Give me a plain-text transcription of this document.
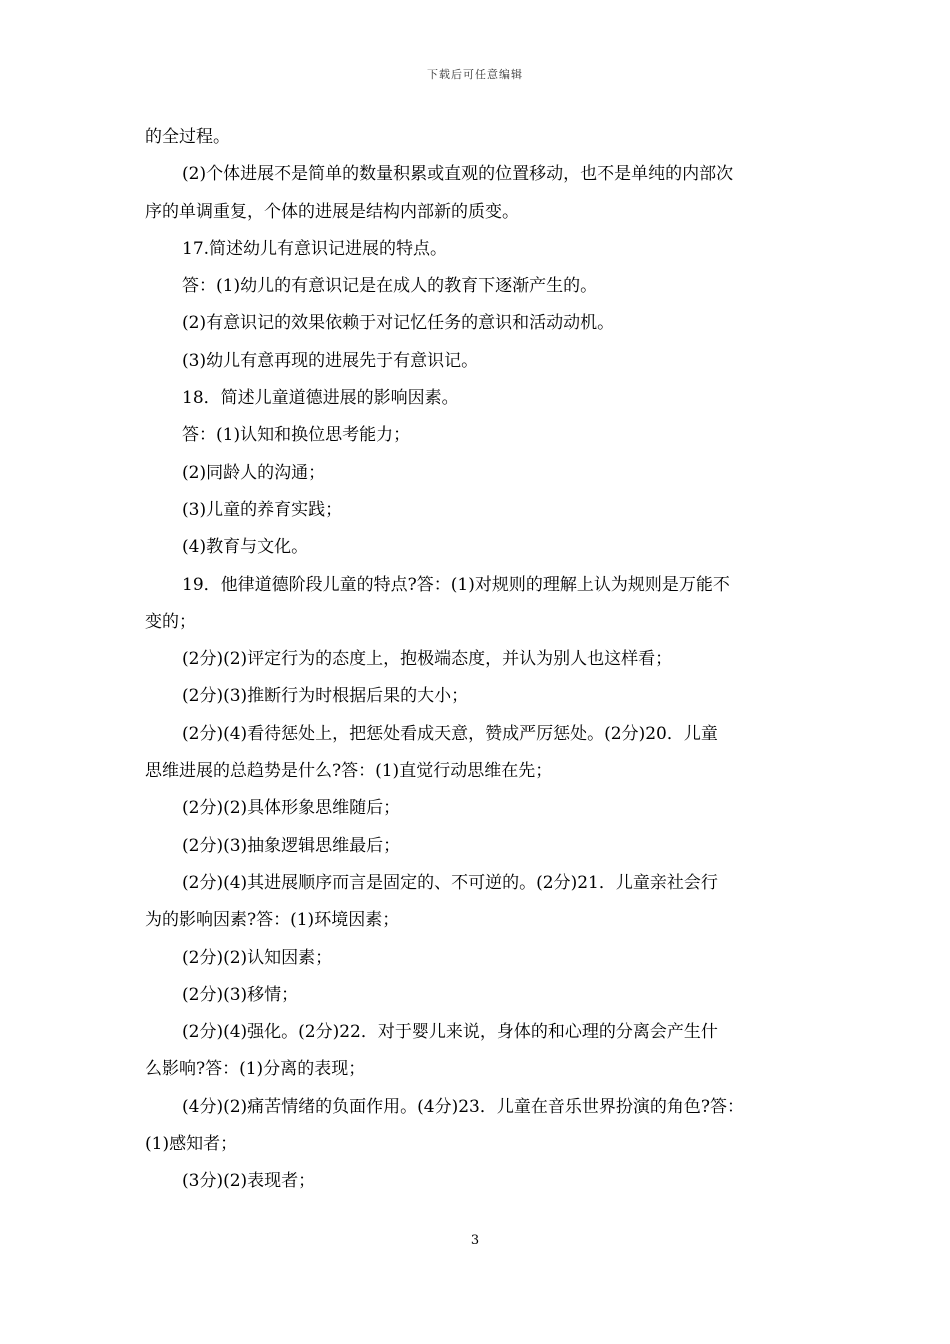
下载后可任意编辑

的全过程。

(2)个体进展不是简单的数量积累或直观的位置移动，也不是单纯的内部次

序的单调重复，个体的进展是结构内部新的质变。

17.简述幼儿有意识记进展的特点。

答：(1)幼儿的有意识记是在成人的教育下逐渐产生的。

(2)有意识记的效果依赖于对记忆任务的意识和活动动机。

(3)幼儿有意再现的进展先于有意识记。

18．简述儿童道德进展的影响因素。

答：(1)认知和换位思考能力；

(2)同龄人的沟通；

(3)儿童的养育实践；

(4)教育与文化。

19．他律道德阶段儿童的特点?答：(1)对规则的理解上认为规则是万能不

变的；

(2分)(2)评定行为的态度上，抱极端态度，并认为别人也这样看；

(2分)(3)推断行为时根据后果的大小；

(2分)(4)看待惩处上，把惩处看成天意，赞成严厉惩处。(2分)20．儿童

思维进展的总趋势是什么?答：(1)直觉行动思维在先；

(2分)(2)具体形象思维随后；

(2分)(3)抽象逻辑思维最后；

(2分)(4)其进展顺序而言是固定的、不可逆的。(2分)21．儿童亲社会行

为的影响因素?答：(1)环境因素；

(2分)(2)认知因素；

(2分)(3)移情；

(2分)(4)强化。(2分)22．对于婴儿来说，身体的和心理的分离会产生什

么影响?答：(1)分离的表现；

(4分)(2)痛苦情绪的负面作用。(4分)23．儿童在音乐世界扮演的角色?答：

(1)感知者；

(3分)(2)表现者；

3
